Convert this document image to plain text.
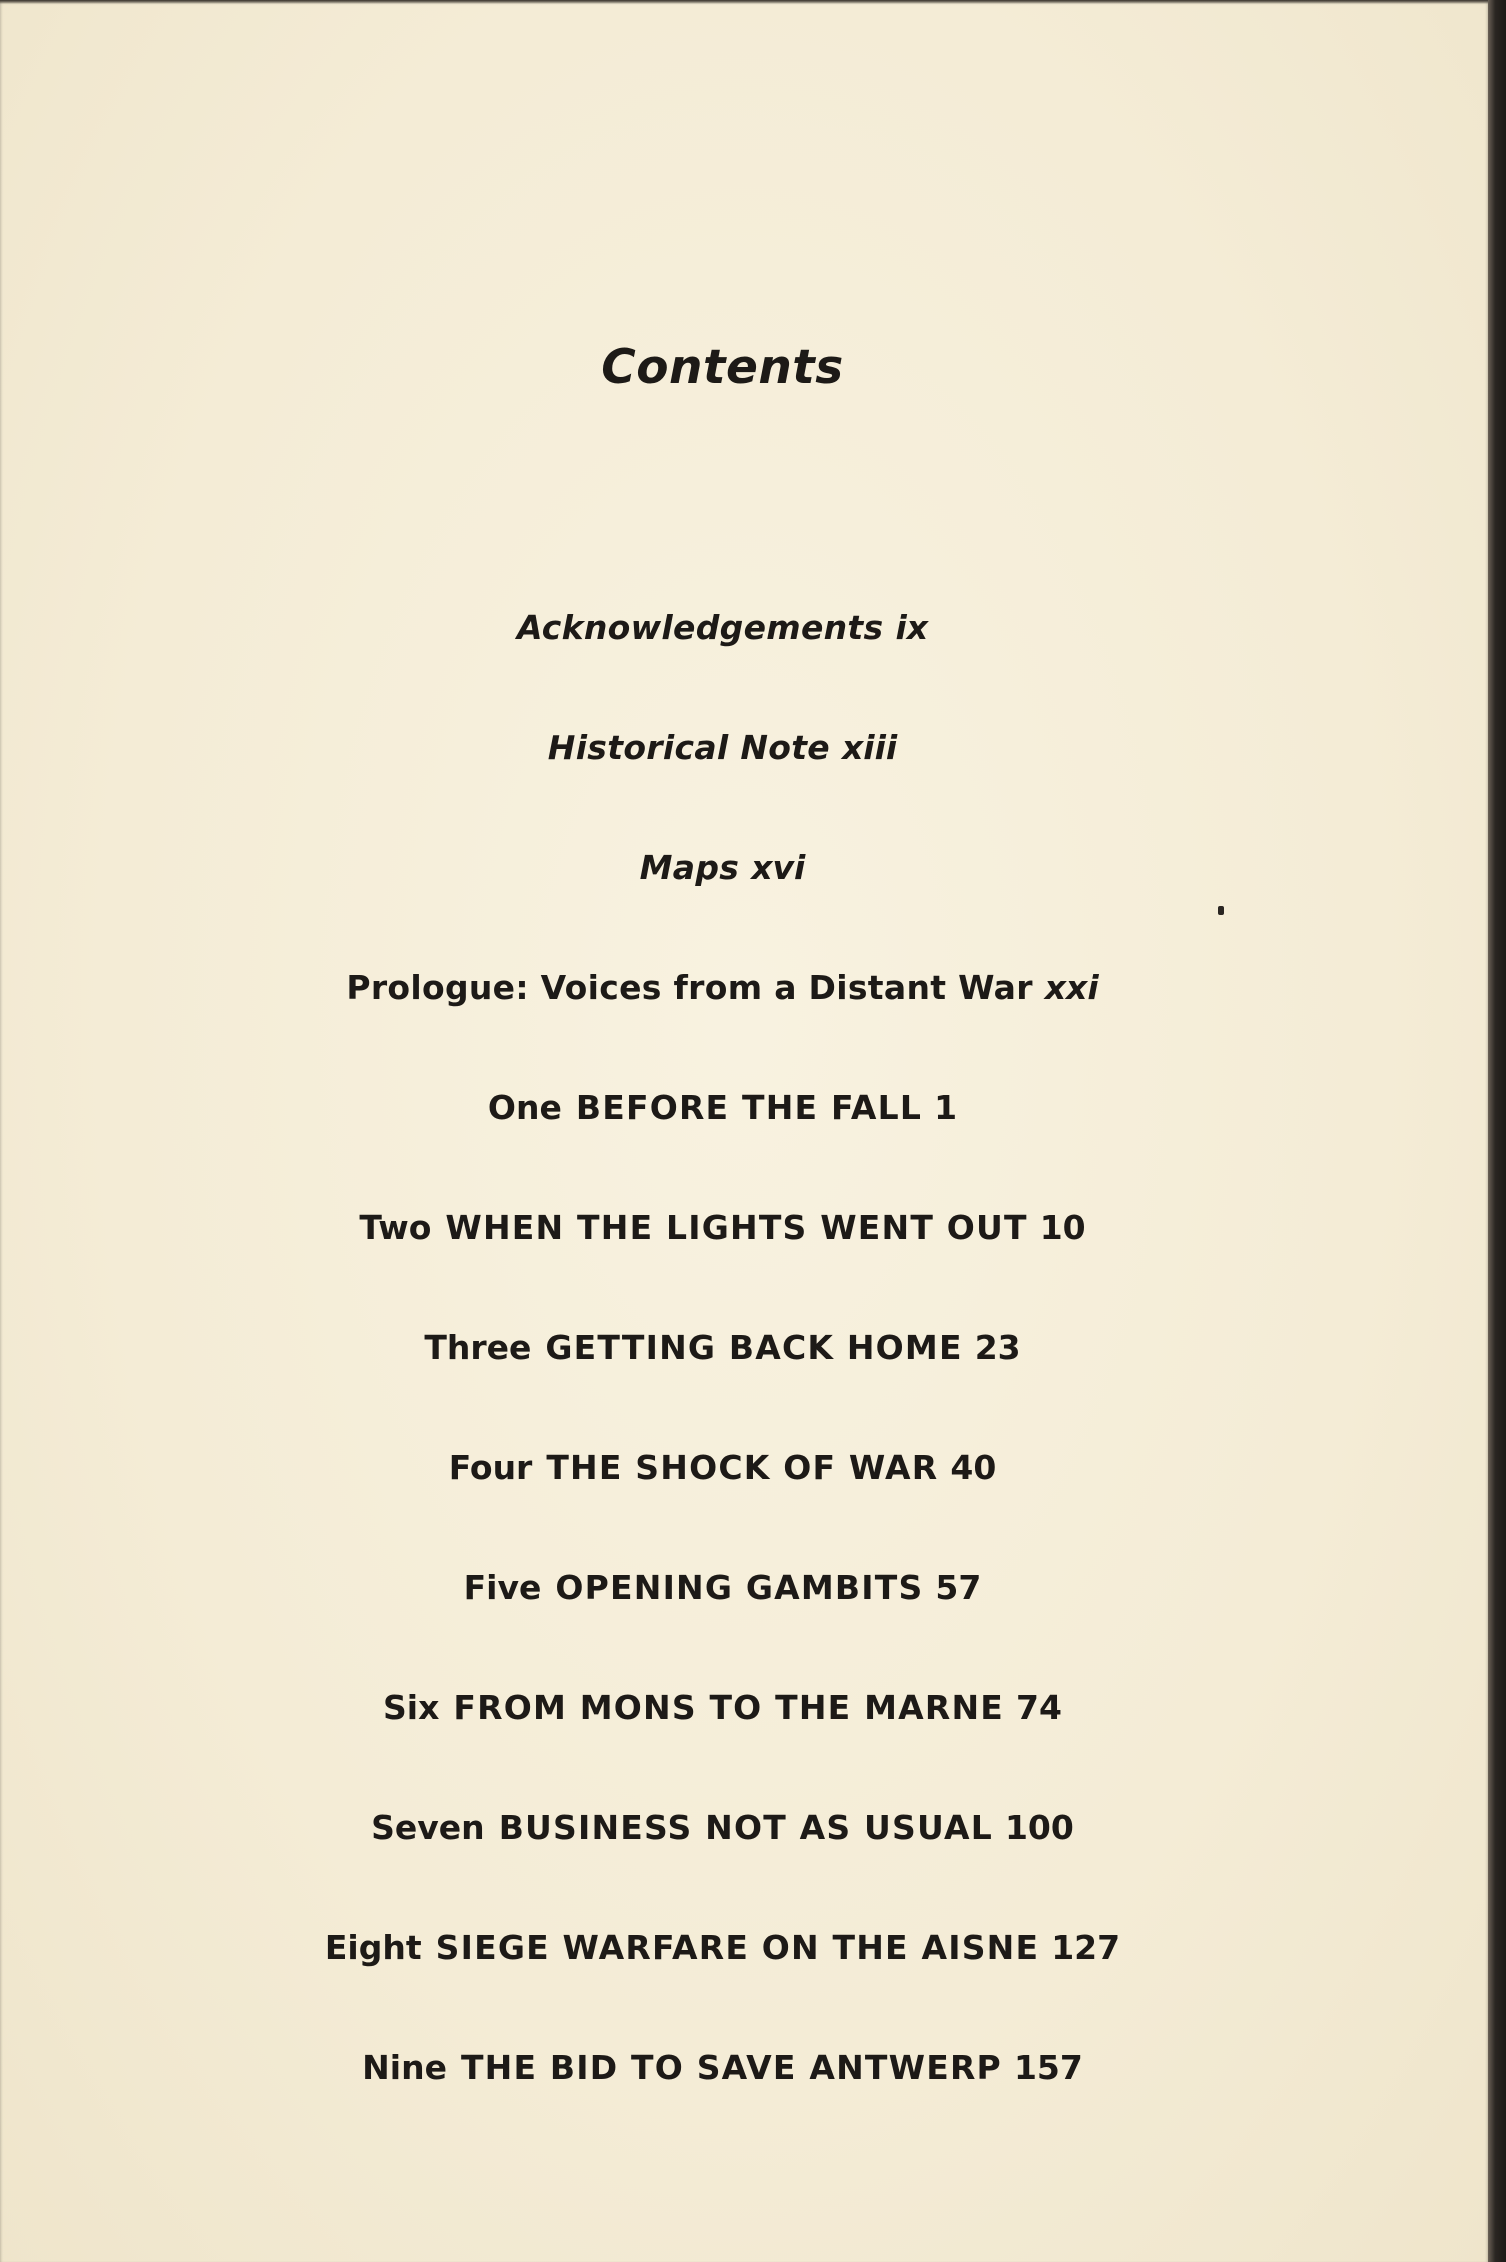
Contents
Acknowledgements ix
Historical Note xiii
Maps xvi
Prologue: Voices from a Distant War xxi
One BEFORE THE FALL 1
Two WHEN THE LIGHTS WENT OUT 10
Three GETTING BACK HOME 23
Four THE SHOCK OF WAR 40
Five OPENING GAMBITS 57
Six FROM MONS TO THE MARNE 74
Seven BUSINESS NOT AS USUAL 100
Eight SIEGE WARFARE ON THE AISNE 127
Nine THE BID TO SAVE ANTWERP 157
